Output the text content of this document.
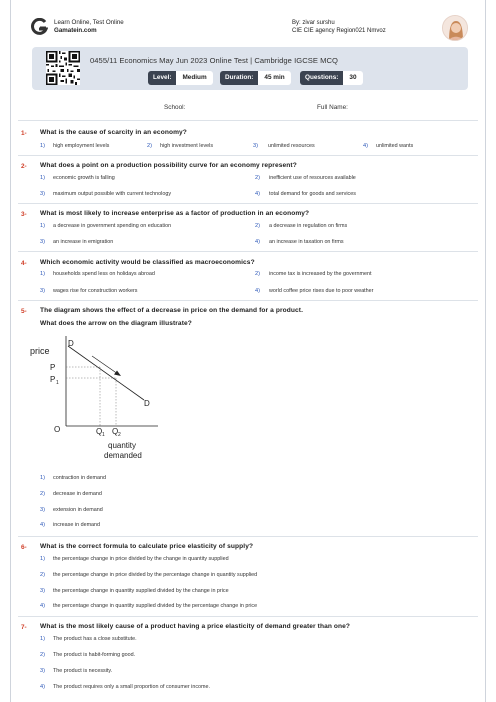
Learn Online, Test Online
Gamatein.com
By: zivar surshu
CIE CIE agency Region021 Nmvoz
0455/11 Economics May Jun 2023 Online Test | Cambridge IGCSE MCQ
Level:	Medium	Duration:	45 min	Questions:	30
School:	Full Name:
1- What is the cause of scarcity in an economy?
1) high employment levels	2) high investment levels	3) unlimited resources	4) unlimited wants
2- What does a point on a production possibility curve for an economy represent?
1) economic growth is falling	2) inefficient use of resources available
3) maximum output possible with current technology	4) total demand for goods and services
3- What is most likely to increase enterprise as a factor of production in an economy?
1) a decrease in government spending on education	2) a decrease in regulation on firms
3) an increase in emigration	4) an increase in taxation on firms
4- Which economic activity would be classified as macroeconomics?
1) households spend less on holidays abroad	2) income tax is increased by the government
3) wages rise for construction workers	4) world coffee price rises due to poor weather
5- The diagram shows the effect of a decrease in price on the demand for a product.
What does the arrow on the diagram illustrate?
price
P
P 1
D
D
O	Q 1 Q 2
quantity
demanded
1) contraction in demand
2) decrease in demand
3) extension in demand
4) increase in demand
6- What is the correct formula to calculate price elasticity of supply?
1) the percentage change in price divided by the change in quantity supplied
2) the percentage change in price divided by the percentage change in quantity supplied
3) the percentage change in quantity supplied divided by the change in price
4) the percentage change in quantity supplied divided by the percentage change in price
7- What is the most likely cause of a product having a price elasticity of demand greater than one?
1) The product has a close substitute.
2) The product is habit-forming good.
3) The product is necessity.
4) The product requires only a small proportion of consumer income.
